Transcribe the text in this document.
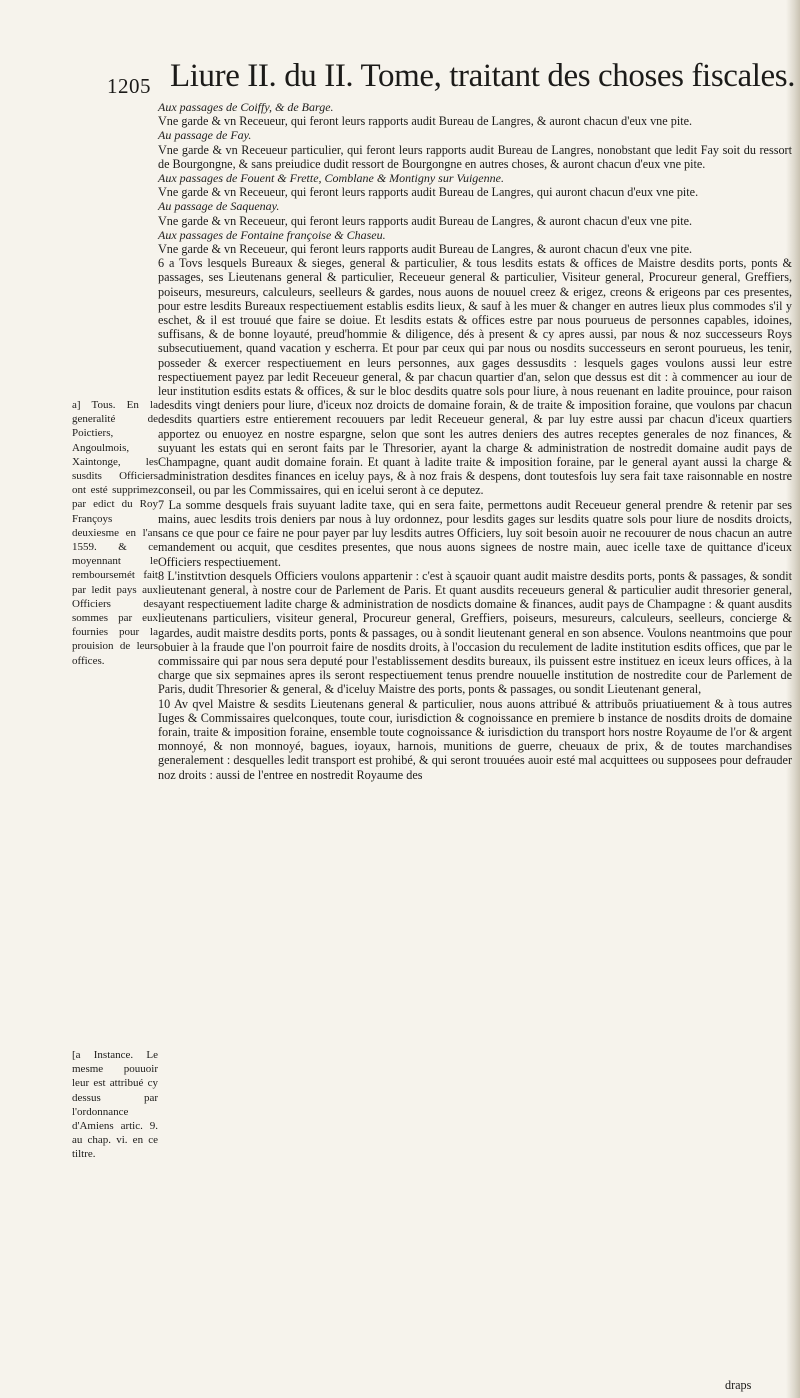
1205 Liure II. du II. Tome, traitant des choses fiscales.

Aux passages de Coiffy, & de Barge.

Vne garde & vn Receueur, qui feront leurs rapports audit Bureau de Langres, & auront chacun d'eux vne pite.

Au passage de Fay.

Vne garde & vn Receueur particulier, qui feront leurs rapports audit Bureau de Langres, nonobstant que ledit Fay soit du ressort de Bourgongne, & sans preiudice dudit ressort de Bourgongne en autres choses, & auront chacun d'eux vne pite.

Aux passages de Fouent & Frette, Comblane & Montigny sur Vuigenne.

Vne garde & vn Receueur, qui feront leurs rapports audit Bureau de Langres, qui auront chacun d'eux vne pite.

Au passage de Saquenay.

Vne garde & vn Receueur, qui feront leurs rapports audit Bureau de Langres, & auront chacun d'eux vne pite.

Aux passages de Fontaine françoise & Chaseu.

Vne garde & vn Receueur, qui feront leurs rapports audit Bureau de Langres, & auront chacun d'eux vne pite.

6 a Tovs lesquels Bureaux & sieges, general & particulier, & tous lesdits estats & offices de Maistre desdits ports, ponts & passages, ses Lieutenans general & particulier, Receueur general & particulier, Visiteur general, Procureur general, Greffiers, poiseurs, mesureurs, calculeurs, seelleurs & gardes, nous auons de nouuel creez & erigez, creons & erigeons par ces presentes, pour estre lesdits Bureaux respectiuement establis esdits lieux, & sauf à les muer & changer en autres lieux plus commodes s'il y eschet, & il est trouué que faire se doiue. Et lesdits estats & offices estre par nous pourueus de personnes capables, idoines, suffisans, & de bonne loyauté, preud'hommie & diligence, dés à present & cy apres aussi, par nous & noz successeurs Roys subsecutiuement, quand vacation y escherra. Et pour par ceux qui par nous ou nosdits successeurs en seront pourueus, les tenir, posseder & exercer respectiuement en leurs personnes, aux gages dessusdits : lesquels gages voulons aussi leur estre respectiuement payez par ledit Receueur general, & par chacun quartier d'an, selon que dessus est dit : à commencer au iour de leur institution esdits estats & offices, & sur le bloc desdits quatre sols pour liure, à nous reuenant en ladite prouince, pour raison desdits vingt deniers pour liure, d'iceux noz droicts de domaine forain, & de traite & imposition foraine, que voulons par chacun desdits quartiers estre entierement recouuers par ledit Receueur general, & par luy estre aussi par chacun d'iceux quartiers apportez ou enuoyez en nostre espargne, selon que sont les autres deniers des autres receptes generales de noz finances, & suyuant les estats qui en seront faits par le Thresorier, ayant la charge & administration de nostredit domaine audit pays de Champagne, quant audit domaine forain. Et quant à ladite traite & imposition foraine, par le general ayant aussi la charge & administration desdites finances en iceluy pays, & à noz frais & despens, dont toutesfois luy sera fait taxe raisonnable en nostre conseil, ou par les Commissaires, qui en icelui seront à ce deputez.

7 La somme desquels frais suyuant ladite taxe, qui en sera faite, permettons audit Receueur general prendre & retenir par ses mains, auec lesdits trois deniers par nous à luy ordonnez, pour lesdits gages sur lesdits quatre sols pour liure de nosdits droicts, sans ce que pour ce faire ne pour payer par luy lesdits autres Officiers, luy soit besoin auoir ne recouurer de nous chacun an autre mandement ou acquit, que cesdites presentes, que nous auons signees de nostre main, auec icelle taxe de quittance d'iceux Officiers respectiuement.

8 L'institvtion desquels Officiers voulons appartenir : c'est à sçauoir quant audit maistre desdits ports, ponts & passages, & sondit lieutenant general, à nostre cour de Parlement de Paris. Et quant ausdits receueurs general & particulier audit thresorier general, ayant respectiuement ladite charge & administration de nosdicts domaine & finances, audit pays de Champagne : & quant ausdits lieutenans particuliers, visiteur general, Procureur general, Greffiers, poiseurs, mesureurs, calculeurs, seelleurs, concierge & gardes, audit maistre desdits ports, ponts & passages, ou à sondit lieutenant general en son absence. Voulons neantmoins que pour obuier à la fraude que l'on pourroit faire de nosdits droits, à l'occasion du reculement de ladite institution esdits offices, que par le commissaire qui par nous sera deputé pour l'establissement desdits bureaux, ils puissent estre instituez en iceux leurs offices, à la charge que six sepmaines apres ils seront respectiuement tenus prendre nouuelle institution de nostredite cour de Parlement de Paris, dudit Thresorier & general, & d'iceluy Maistre des ports, ponts & passages, ou sondit Lieutenant general,

10 Av qvel Maistre & sesdits Lieutenans general & particulier, nous auons attribué & attribuõs priuatiuement & à tous autres Iuges & Commissaires quelconques, toute cour, iurisdiction & cognoissance en premiere b instance de nosdits droits de domaine forain, traite & imposition foraine, ensemble toute cognoissance & iurisdiction du transport hors nostre Royaume de l'or & argent monnoyé, & non monnoyé, bagues, ioyaux, harnois, munitions de guerre, cheuaux de prix, & de toutes marchandises generalement : desquelles ledit transport est prohibé, & qui seront trouuées auoir esté mal acquittees ou supposees pour defrauder noz droits : aussi de l'entree en nostredit Royaume des

a] Tous. En la generalité de Poictiers, Angoulmois, Xaintonge, les susdits Officiers ont esté supprimez par edict du Roy Françoys deuxiesme en l'an 1559. & ce moyennant le remboursemét fait par ledit pays aux Officiers des sommes par eux fournies pour la prouision de leurs offices.

[a Instance. Le mesme pouuoir leur est attribué cy dessus par l'ordonnance d'Amiens artic. 9. au chap. vi. en ce tiltre.

draps
